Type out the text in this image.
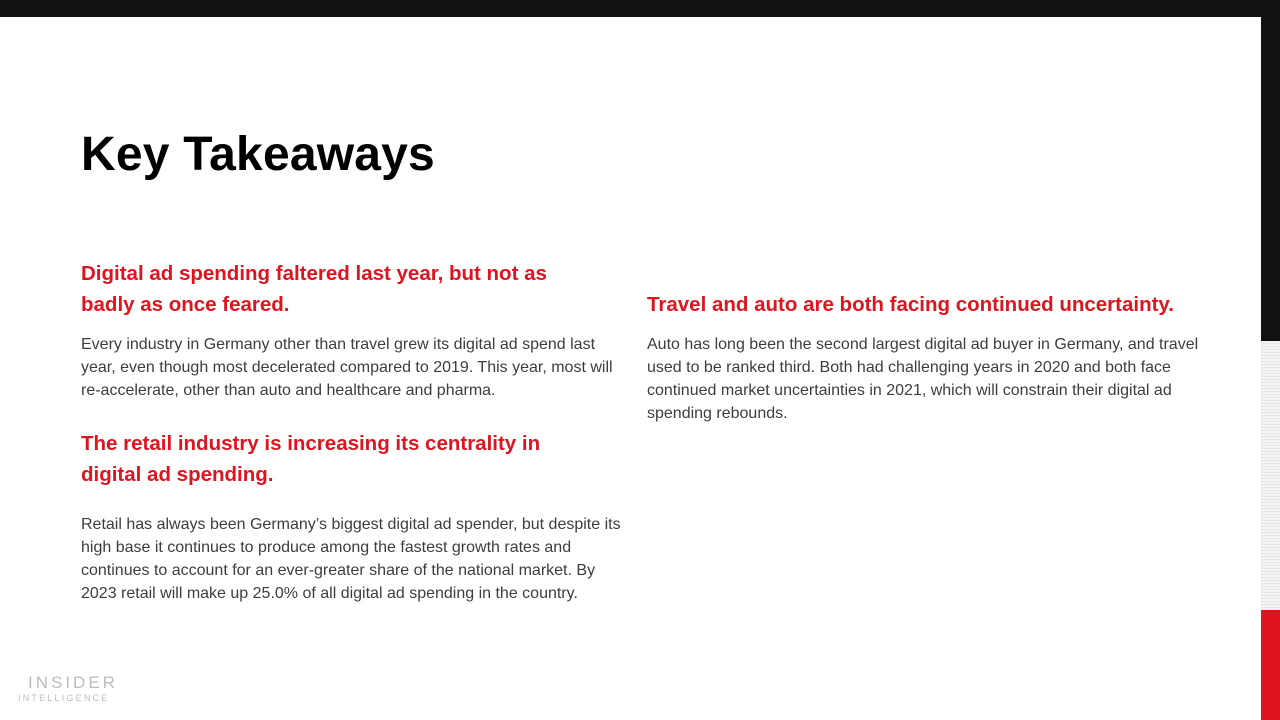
Key Takeaways
Digital ad spending faltered last year, but not as badly as once feared.

Every industry in Germany other than travel grew its digital ad spend last year, even though most decelerated compared to 2019. This year, most will re-accelerate, other than auto and healthcare and pharma.

The retail industry is increasing its centrality in digital ad spending.

Retail has always been Germany’s biggest digital ad spender, but despite its high base it continues to produce among the fastest growth rates and continues to account for an ever-greater share of the national market. By 2023 retail will make up 25.0% of all digital ad spending in the country.

Travel and auto are both facing continued uncertainty.

Auto has long been the second largest digital ad buyer in Germany, and travel used to be ranked third. Both had challenging years in 2020 and both face continued market uncertainties in 2021, which will constrain their digital ad spending rebounds.

INSIDER
INTELLIGENCE
